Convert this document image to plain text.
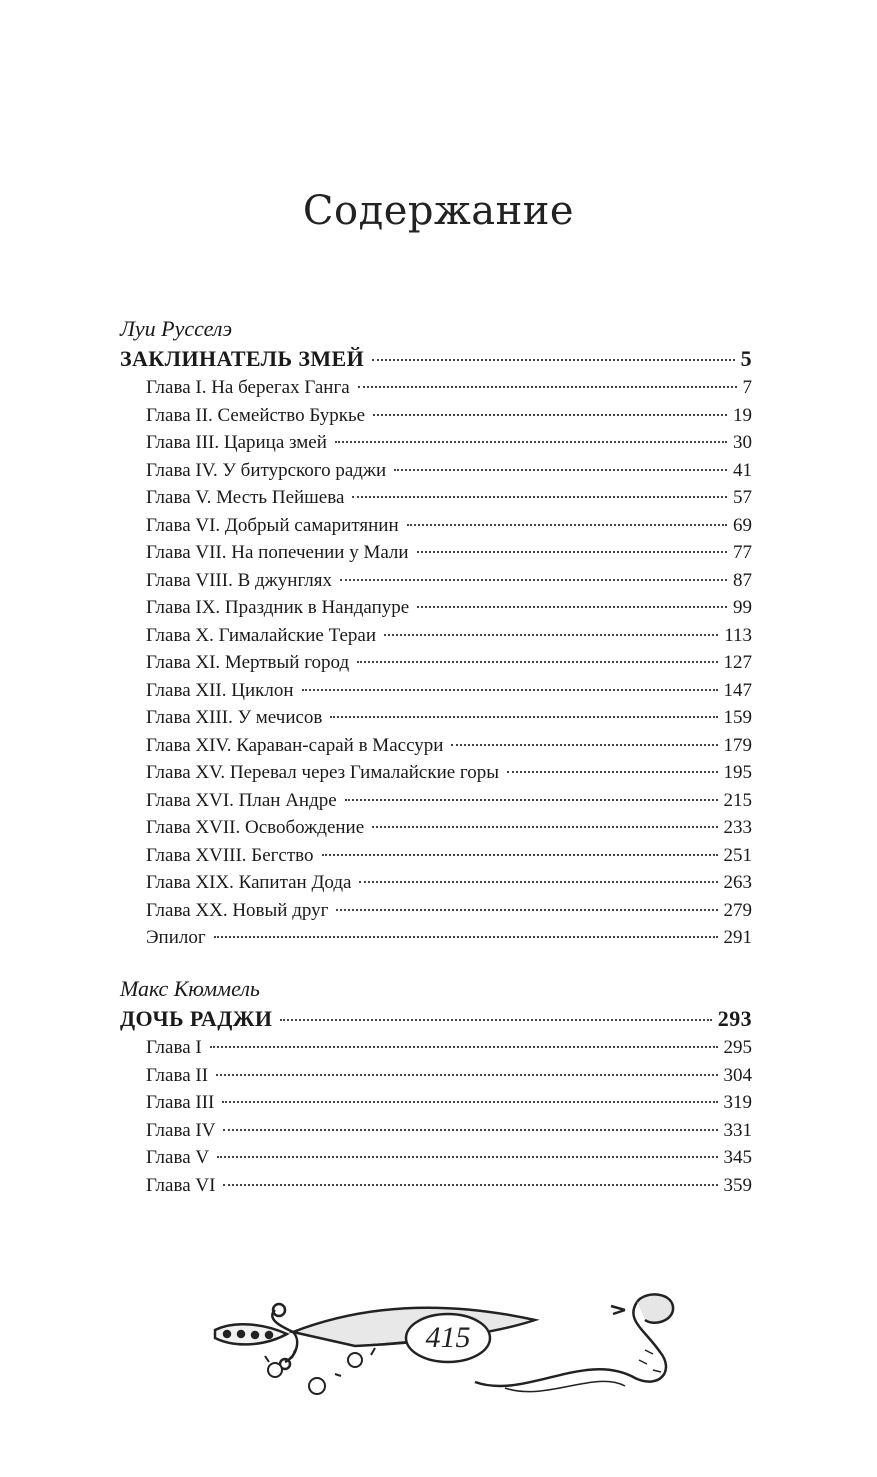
Содержание
Луи Русселэ
ЗАКЛИНАТЕЛЬ ЗМЕЙ	5
Глава I. На берегах Ганга	7
Глава II. Семейство Буркье	19
Глава III. Царица змей	30
Глава IV. У битурского раджи	41
Глава V. Месть Пейшева	57
Глава VI. Добрый самаритянин	69
Глава VII. На попечении у Мали	77
Глава VIII. В джунглях	87
Глава IX. Праздник в Нандапуре	99
Глава X. Гималайские Тераи	113
Глава XI. Мертвый город	127
Глава XII. Циклон	147
Глава XIII. У мечисов	159
Глава XIV. Караван-сарай в Массури	179
Глава XV. Перевал через Гималайские горы	195
Глава XVI. План Андре	215
Глава XVII. Освобождение	233
Глава XVIII. Бегство	251
Глава XIX. Капитан Дода	263
Глава XX. Новый друг	279
Эпилог	291
Макс Кюммель
ДОЧЬ РАДЖИ	293
Глава I	295
Глава II	304
Глава III	319
Глава IV	331
Глава V	345
Глава VI	359
415
